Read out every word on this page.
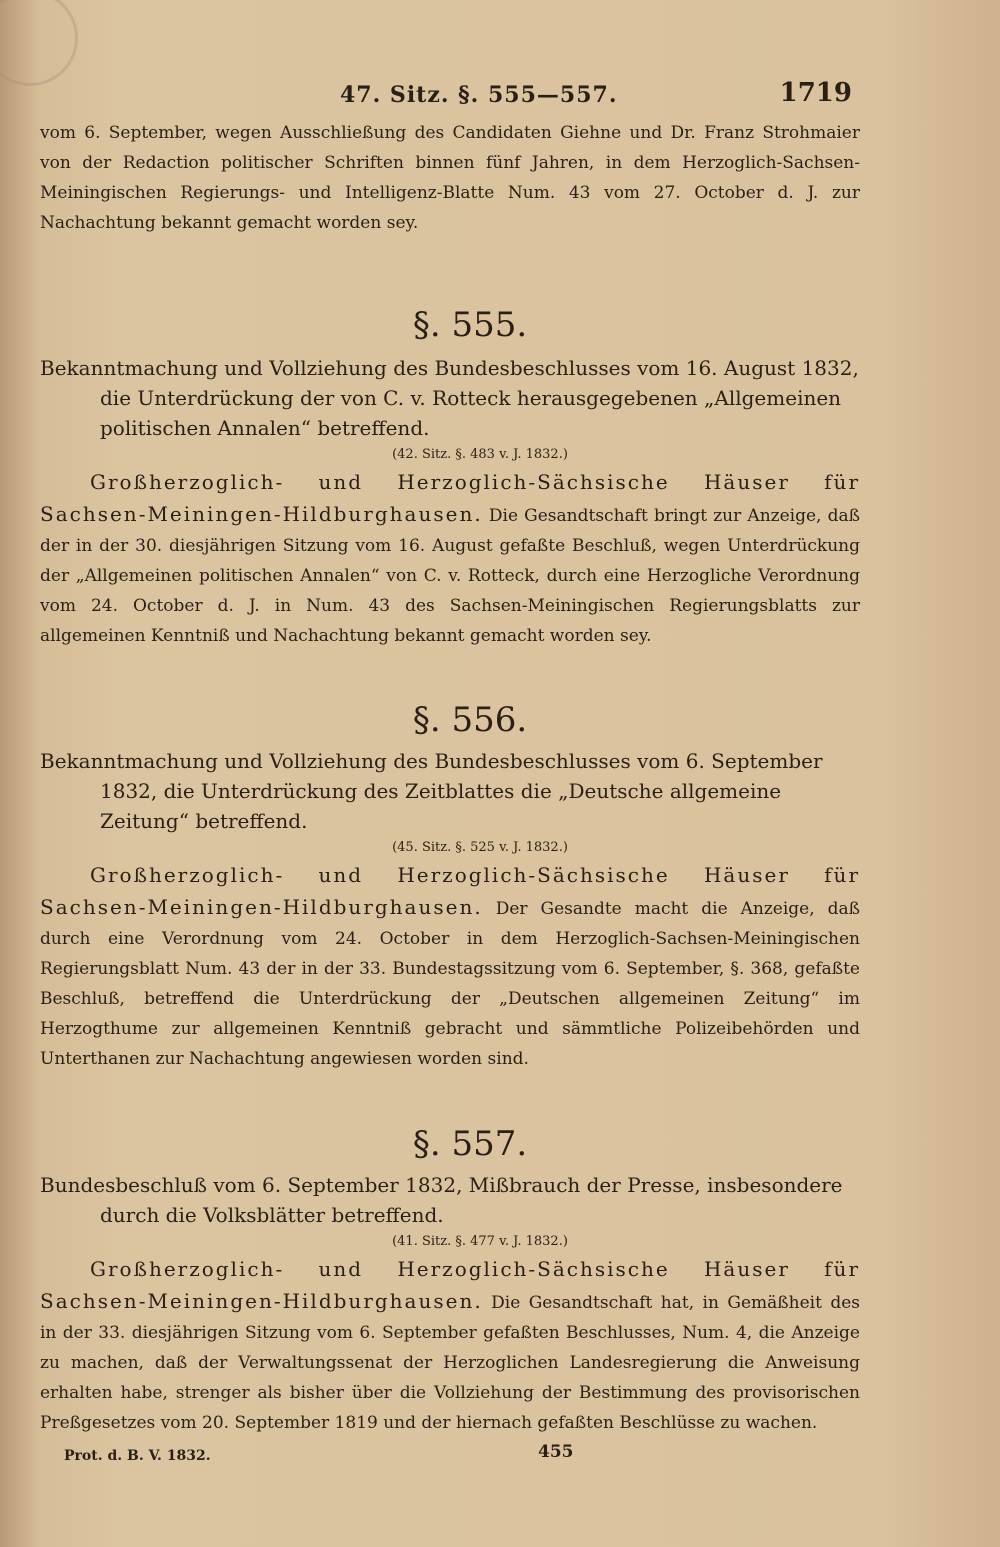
47. Sitz. §. 555—557.	1719

vom 6. September, wegen Ausschließung des Candidaten Giehne und Dr. Franz Strohmaier von der Redaction politischer Schriften binnen fünf Jahren, in dem Herzoglich-Sachsen-Meiningischen Regierungs- und Intelligenz-Blatte Num. 43 vom 27. October d. J. zur Nachachtung bekannt gemacht worden sey.

§. 555.

Bekanntmachung und Vollziehung des Bundesbeschlusses vom 16. August 1832, die Unterdrückung der von C. v. Rotteck herausgegebenen „Allgemeinen politischen Annalen“ betreffend.

(42. Sitz. §. 483 v. J. 1832.)

Großherzoglich- und Herzoglich-Sächsische Häuser für Sachsen-Meiningen-Hildburghausen. Die Gesandtschaft bringt zur Anzeige, daß der in der 30. diesjährigen Sitzung vom 16. August gefaßte Beschluß, wegen Unterdrückung der „Allgemeinen politischen Annalen“ von C. v. Rotteck, durch eine Herzogliche Verordnung vom 24. October d. J. in Num. 43 des Sachsen-Meiningischen Regierungsblatts zur allgemeinen Kenntniß und Nachachtung bekannt gemacht worden sey.

§. 556.

Bekanntmachung und Vollziehung des Bundesbeschlusses vom 6. September 1832, die Unterdrückung des Zeitblattes die „Deutsche allgemeine Zeitung“ betreffend.

(45. Sitz. §. 525 v. J. 1832.)

Großherzoglich- und Herzoglich-Sächsische Häuser für Sachsen-Meiningen-Hildburghausen. Der Gesandte macht die Anzeige, daß durch eine Verordnung vom 24. October in dem Herzoglich-Sachsen-Meiningischen Regierungsblatt Num. 43 der in der 33. Bundestagssitzung vom 6. September, §. 368, gefaßte Beschluß, betreffend die Unterdrückung der „Deutschen allgemeinen Zeitung“ im Herzogthume zur allgemeinen Kenntniß gebracht und sämmtliche Polizeibehörden und Unterthanen zur Nachachtung angewiesen worden sind.

§. 557.

Bundesbeschluß vom 6. September 1832, Mißbrauch der Presse, insbesondere durch die Volksblätter betreffend.

(41. Sitz. §. 477 v. J. 1832.)

Großherzoglich- und Herzoglich-Sächsische Häuser für Sachsen-Meiningen-Hildburghausen. Die Gesandtschaft hat, in Gemäßheit des in der 33. diesjährigen Sitzung vom 6. September gefaßten Beschlusses, Num. 4, die Anzeige zu machen, daß der Verwaltungssenat der Herzoglichen Landesregierung die Anweisung erhalten habe, strenger als bisher über die Vollziehung der Bestimmung des provisorischen Preßgesetzes vom 20. September 1819 und der hiernach gefaßten Beschlüsse zu wachen.

Prot. d. B. V. 1832.	455
